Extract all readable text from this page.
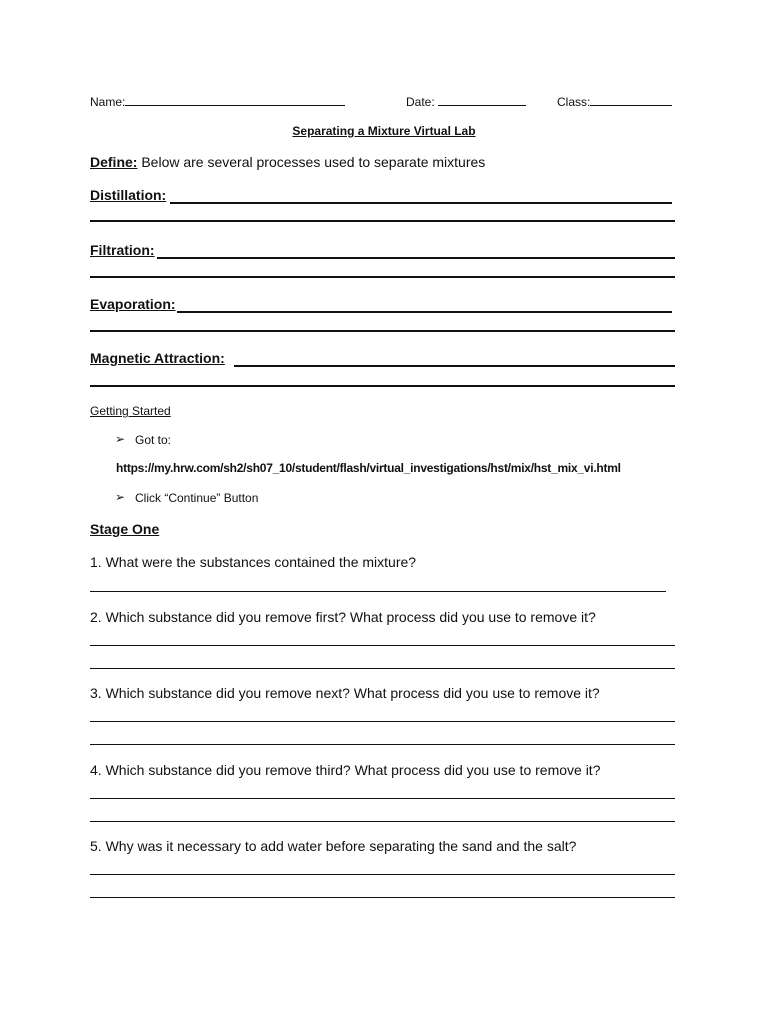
Name:	Date:	Class:
Separating a Mixture Virtual Lab
Define: Below are several processes used to separate mixtures
Distillation:
Filtration:
Evaporation:
Magnetic Attraction:
Getting Started
➢ Got to:
https://my.hrw.com/sh2/sh07_10/student/flash/virtual_investigations/hst/mix/hst_mix_vi.html
➢ Click “Continue” Button
Stage One
1. What were the substances contained the mixture?
2. Which substance did you remove first? What process did you use to remove it?
3. Which substance did you remove next? What process did you use to remove it?
4. Which substance did you remove third? What process did you use to remove it?
5. Why was it necessary to add water before separating the sand and the salt?
